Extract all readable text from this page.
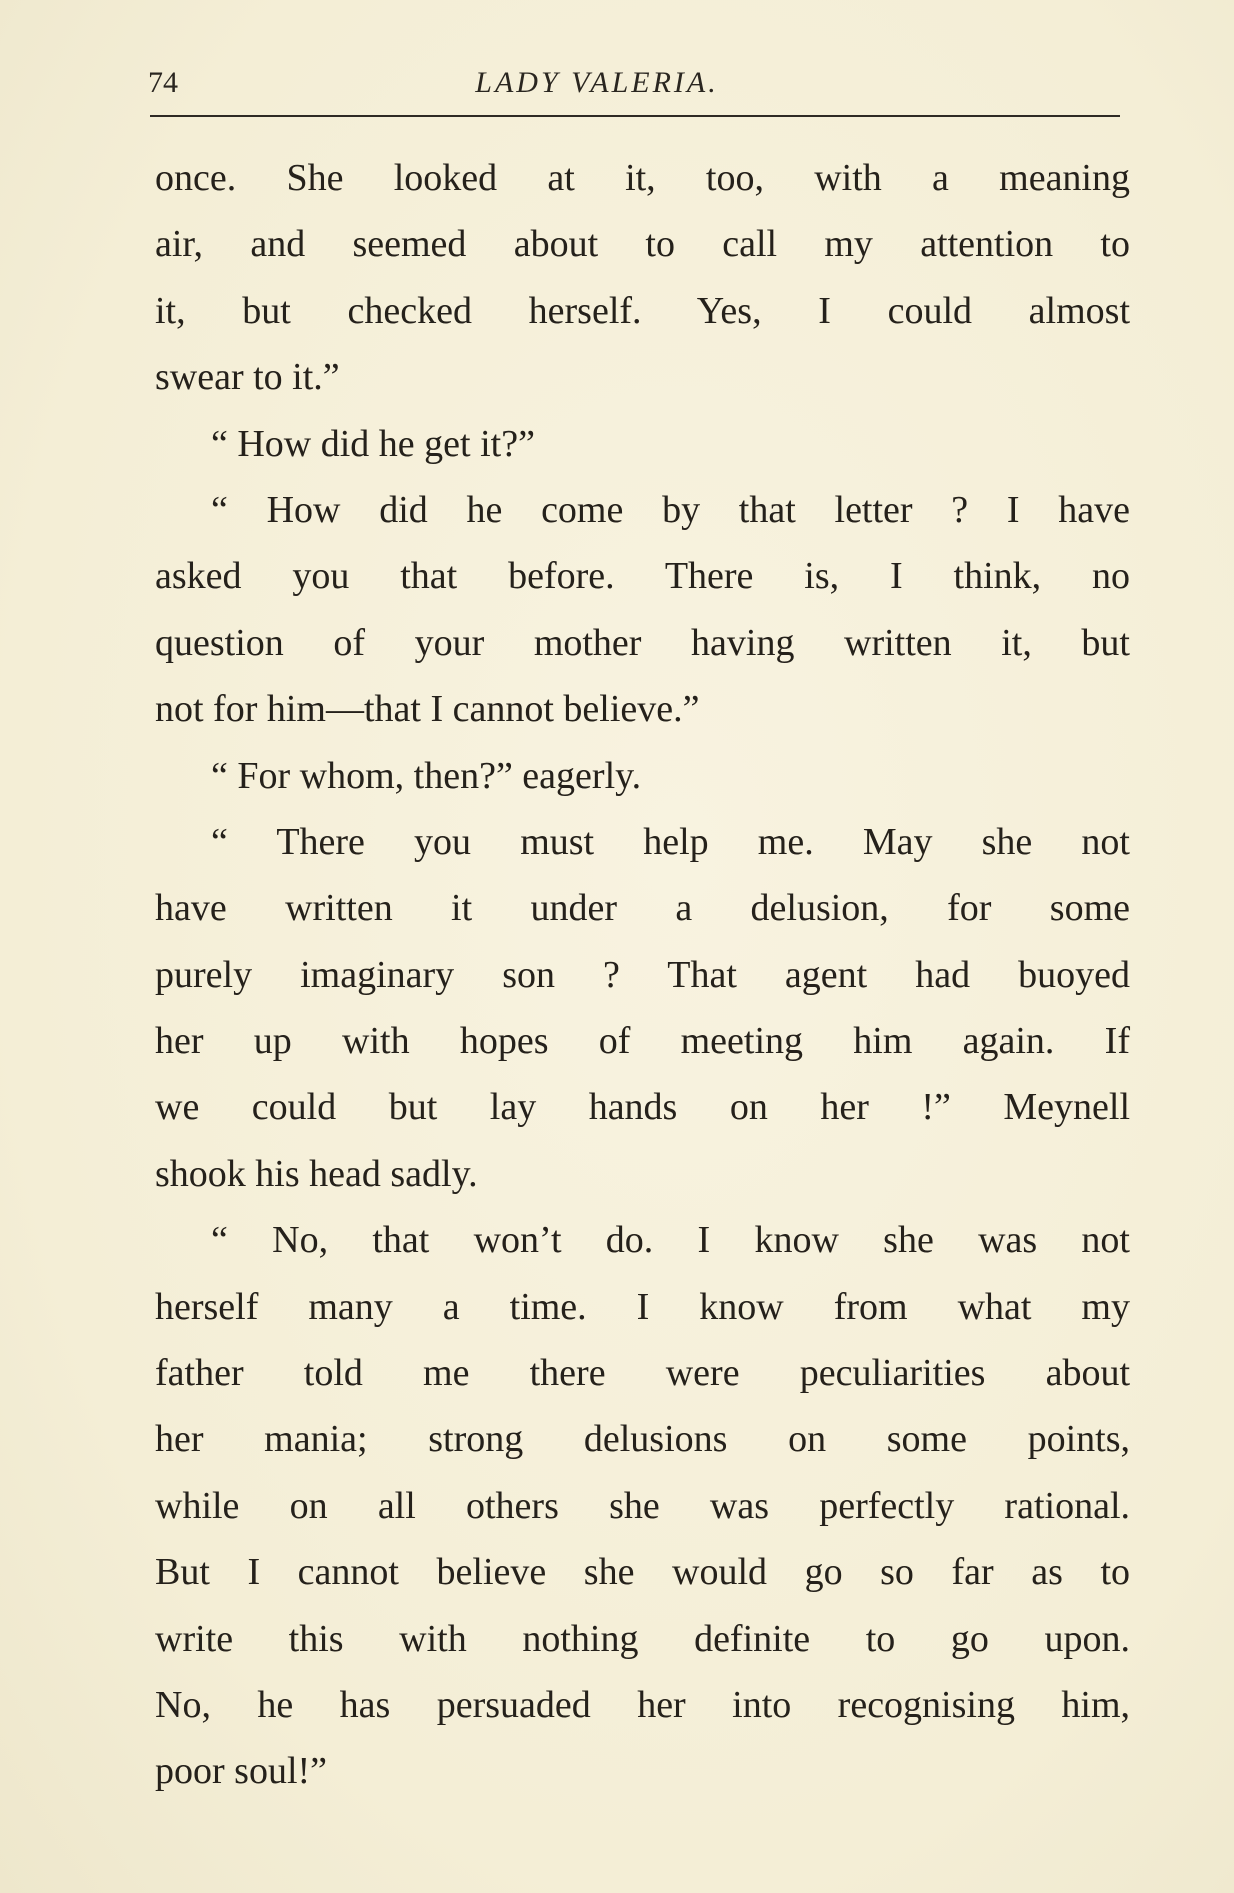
74	LADY VALERIA.
once. She looked at it, too, with a meaning
air, and seemed about to call my attention to
it, but checked herself. Yes, I could almost
swear to it.”
“ How did he get it?”
“ How did he come by that letter ? I have
asked you that before. There is, I think, no
question of your mother having written it, but
not for him—that I cannot believe.”
“ For whom, then?” eagerly.
“ There you must help me. May she not
have written it under a delusion, for some
purely imaginary son ? That agent had buoyed
her up with hopes of meeting him again. If
we could but lay hands on her !” Meynell
shook his head sadly.
“ No, that won’t do. I know she was not
herself many a time. I know from what my
father told me there were peculiarities about
her mania; strong delusions on some points,
while on all others she was perfectly rational.
But I cannot believe she would go so far as to
write this with nothing definite to go upon.
No, he has persuaded her into recognising him,
poor soul!”
